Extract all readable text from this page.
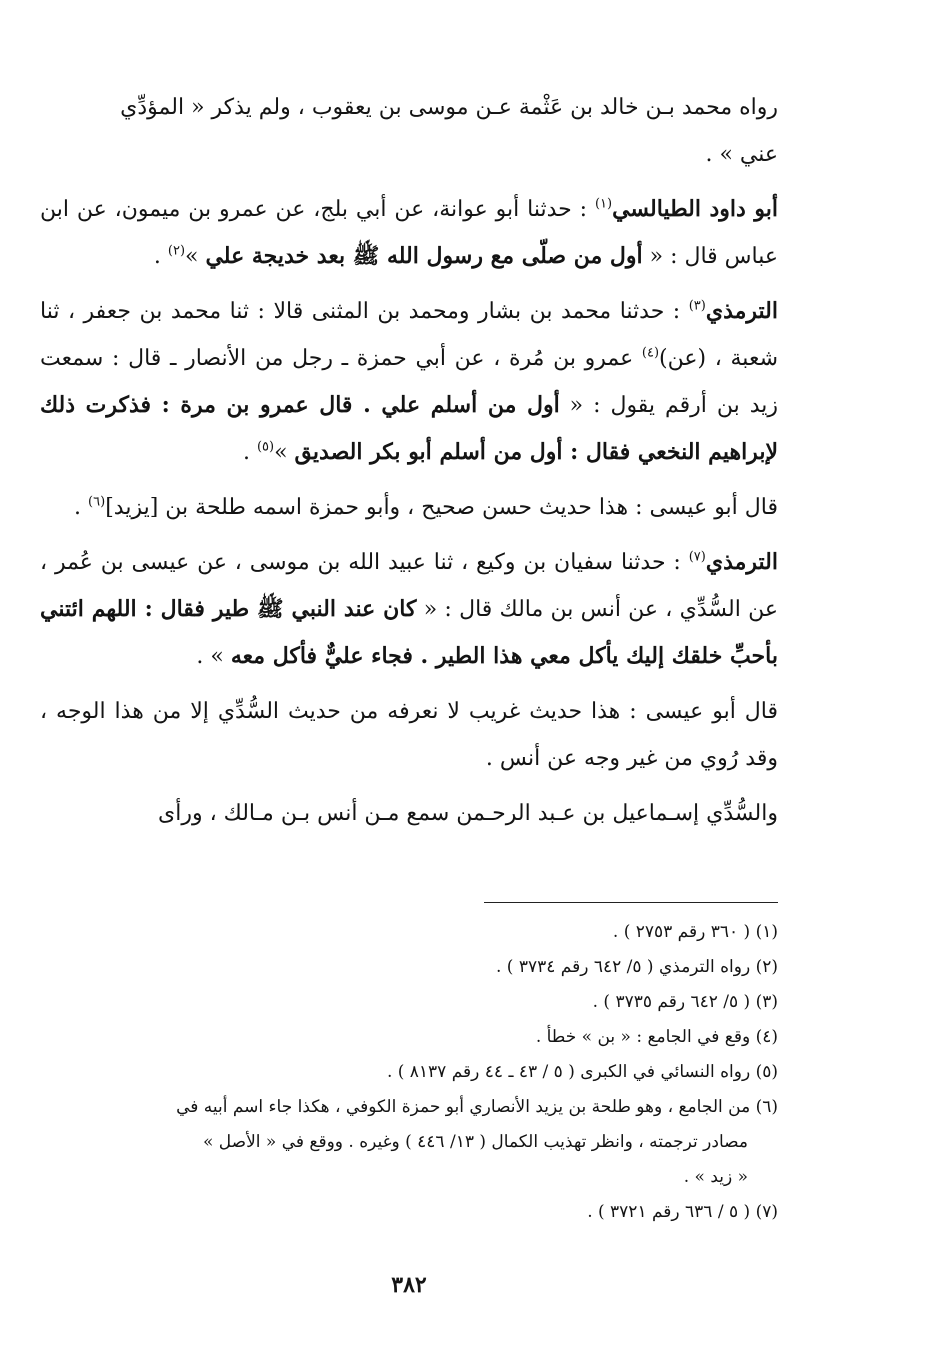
رواه محمد بـن خالد بن عَثْمة عـن موسى بن يعقوب ، ولم يذكر « المؤدِّي
عني » .

أبو داود الطيالسي$^{(١)}$ : حدثنا أبو عوانة، عن أبي بلج، عن عمرو بن ميمون، عن ابن عباس قال : « أول من صلّى مع رسول الله ﷺ بعد خديجة علي »$^{(٢)}$ .

الترمذي$^{(٣)}$ : حدثنا محمد بن بشار ومحمد بن المثنى قالا : ثنا محمد بن جعفر ، ثنا شعبة ، (عن)$^{(٤)}$ عمرو بن مُرة ، عن أبي حمزة ـ رجل من الأنصار ـ قال : سمعت زيد بن أرقم يقول : « أول من أسلم علي . قال عمرو بن مرة : فذكرت ذلك لإبراهيم النخعي فقال : أول من أسلم أبو بكر الصديق »$^{(٥)}$ .

قال أبو عيسى : هذا حديث حسن صحيح ، وأبو حمزة اسمه طلحة بن [يزيد]$^{(٦)}$ .

الترمذي$^{(٧)}$ : حدثنا سفيان بن وكيع ، ثنا عبيد الله بن موسى ، عن عيسى بن عُمر ، عن السُّدِّي ، عن أنس بن مالك قال : « كان عند النبي ﷺ طير فقال : اللهم ائتني بأحبِّ خلقك إليك يأكل معي هذا الطير . فجاء عليٌّ فأكل معه » .

قال أبو عيسى : هذا حديث غريب لا نعرفه من حديث السُّدِّي إلا من هذا الوجه ، وقد رُوي من غير وجه عن أنس .

والسُّدِّي إسـماعيل بن عـبد الرحـمن سمع مـن أنس بـن مـالك ، ورأى

(١) ( ٣٦٠ رقم ٢٧٥٣ ) .

(٢) رواه الترمذي ( ٥/ ٦٤٢ رقم ٣٧٣٤ ) .

(٣) ( ٥/ ٦٤٢ رقم ٣٧٣٥ ) .

(٤) وقع في الجامع : « بن » خطأ .

(٥) رواه النسائي في الكبرى ( ٥ / ٤٣ ـ ٤٤ رقم ٨١٣٧ ) .

(٦) من الجامع ، وهو طلحة بن يزيد الأنصاري أبو حمزة الكوفي ، هكذا جاء اسم أبيه في

مصادر ترجمته ، وانظر تهذيب الكمال ( ١٣/ ٤٤٦ ) وغيره . ووقع في « الأصل »

« زيد » .

(٧) ( ٥ / ٦٣٦ رقم ٣٧٢١ ) .

٣٨٢
